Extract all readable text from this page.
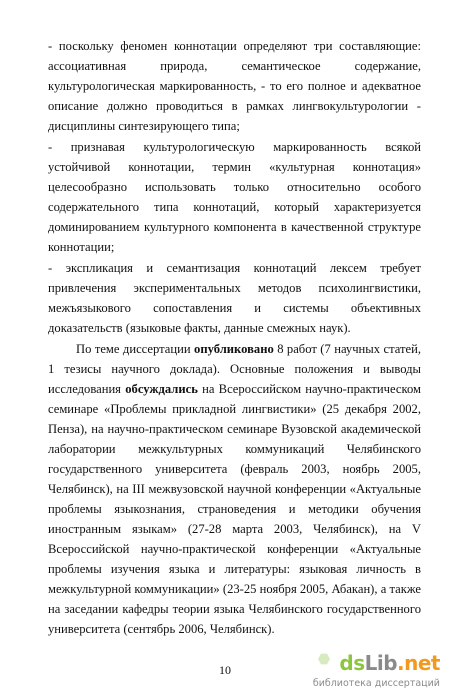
- поскольку феномен коннотации определяют три составляющие: ассоциативная природа, семантическое содержание, культурологическая маркированность, - то его полное и адекватное описание должно проводиться в рамках лингвокультурологии - дисциплины синтезирующего типа;

- признавая культурологическую маркированность всякой устойчивой коннотации, термин «культурная коннотация» целесообразно использовать только относительно особого содержательного типа коннотаций, который характеризуется доминированием культурного компонента в качественной структуре коннотации;

- экспликация и семантизация коннотаций лексем требует привлечения экспериментальных методов психолингвистики, межъязыкового сопоставления и системы объективных доказательств (языковые факты, данные смежных наук).

По теме диссертации опубликовано 8 работ (7 научных статей, 1 тезисы научного доклада). Основные положения и выводы исследования обсуждались на Всероссийском научно-практическом семинаре «Проблемы прикладной лингвистики» (25 декабря 2002, Пенза), на научно-практическом семинаре Вузовской академической лаборатории межкультурных коммуникаций Челябинского государственного университета (февраль 2003, ноябрь 2005, Челябинск), на III межвузовской научной конференции «Актуальные проблемы языкознания, страноведения и методики обучения иностранным языкам» (27-28 марта 2003, Челябинск), на V Всероссийской научно-практической конференции «Актуальные проблемы изучения языка и литературы: языковая личность в межкультурной коммуникации» (23-25 ноября 2005, Абакан), а также на заседании кафедры теории языка Челябинского государственного университета (сентябрь 2006, Челябинск).

10	dsLib.net
библиотека диссертаций
